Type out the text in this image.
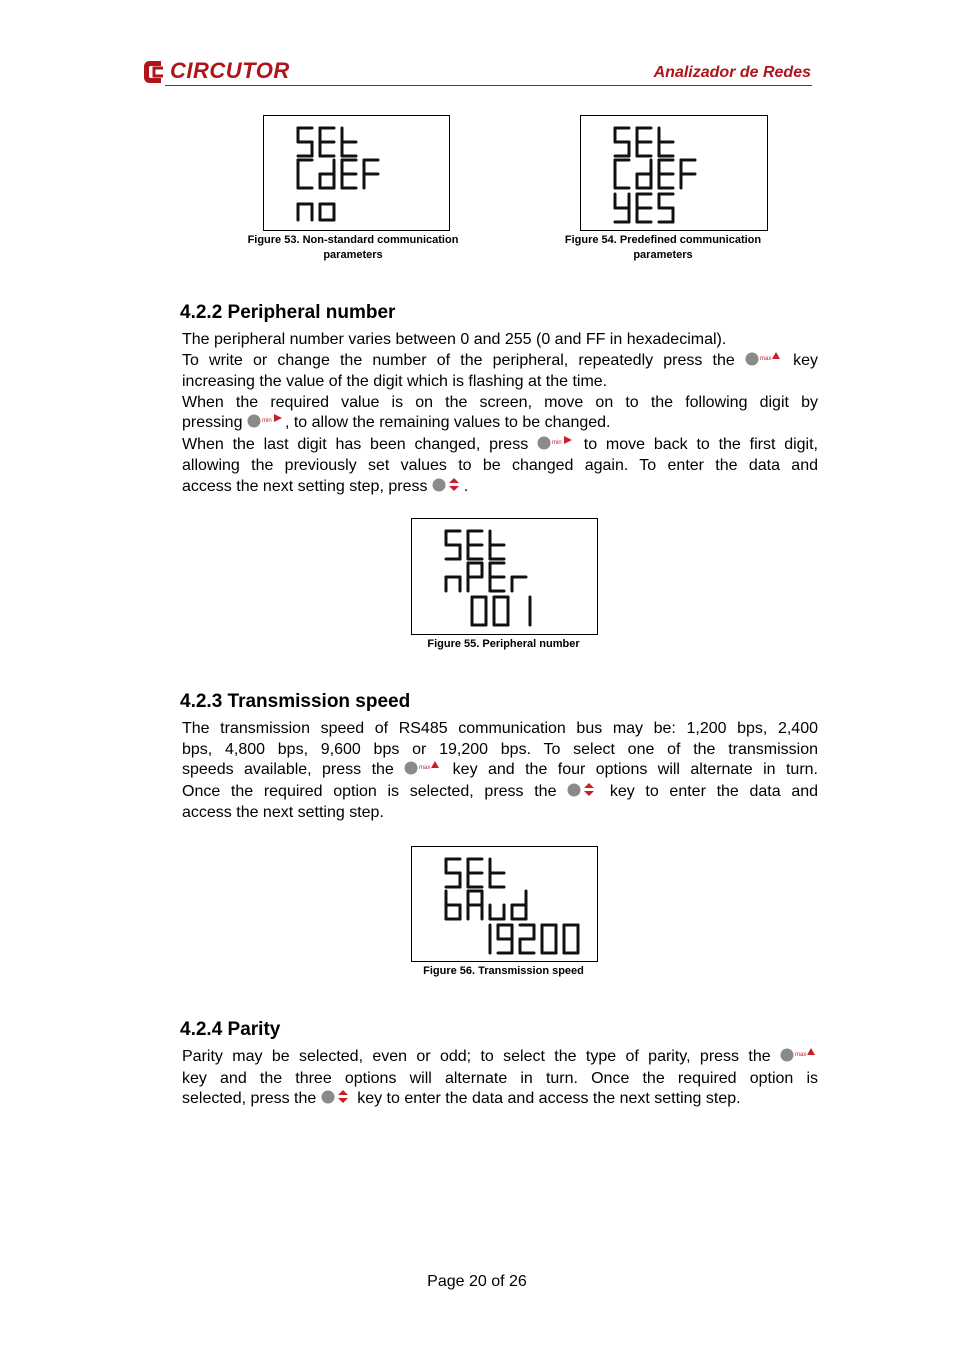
CIRCUTOR	Analizador de Redes
Figure 53. Non-standard communication
parameters
Figure 54. Predefined communication
parameters
4.2.2 Peripheral number
The peripheral number varies between 0 and 255 (0 and FF in hexadecimal).
To write or change the number of the peripheral, repeatedly press the	max key
increasing the value of the digit which is flashing at the time.
When the required value is on the screen, move on to the following digit by
pressing	min , to allow the remaining values to be changed.
When the last digit has been changed, press	min to move back to the first digit,
allowing the previously set values to be changed again. To enter the data and
access the next setting step, press .
Figure 55. Peripheral number
4.2.3 Transmission speed
The transmission speed of RS485 communication bus may be: 1,200 bps, 2,400
bps, 4,800 bps, 9,600 bps or 19,200 bps. To select one of the transmission
speeds available, press the	max key and the four options will alternate in turn.
Once the required option is selected, press the	key to enter the data and
access the next setting step.
Figure 56. Transmission speed
4.2.4 Parity
Parity may be selected, even or odd; to select the type of parity, press the	max
key and the three options will alternate in turn. Once the required option is
selected, press the	key to enter the data and access the next setting step.
Page 20 of 26
